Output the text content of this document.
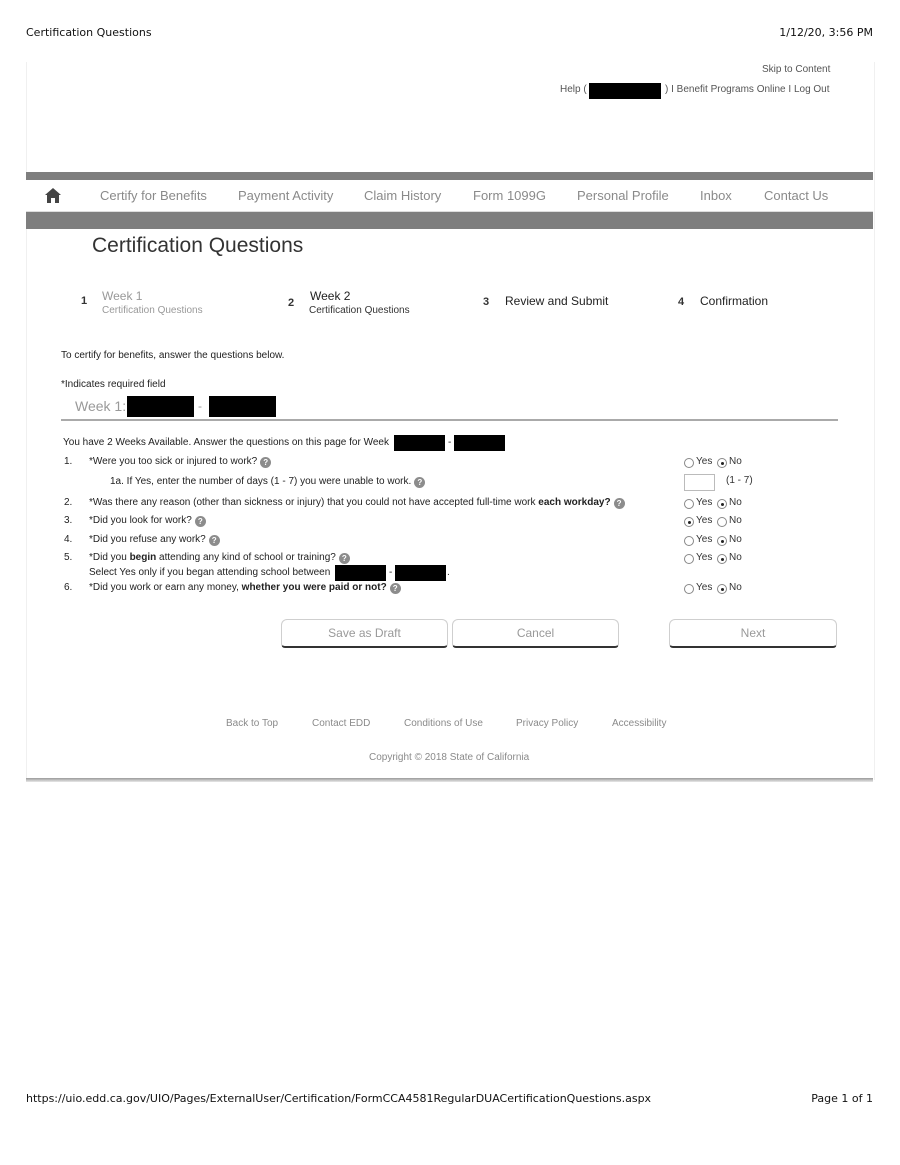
Certification Questions	1/12/20, 3:56 PM
Skip to Content
Help (	) I Benefit Programs Online I Log Out
Certify for Benefits Payment Activity Claim History Form 1099G Personal Profile Inbox Contact Us
Certification Questions
1 Week 1
Certification Questions
2 Week 2
Certification Questions
3 Review and Submit	4 Confirmation
To certify for benefits, answer the questions below.
*Indicates required field
Week 1:	-
You have 2 Weeks Available. Answer the questions on this page for Week	-
1. *Were you too sick or injured to work? ?	Yes No
1a. If Yes, enter the number of days (1 - 7) you were unable to work. ?	(1 - 7)
2. *Was there any reason (other than sickness or injury) that you could not have accepted full-time work each workday? ?	Yes No
3. *Did you look for work? ?	Yes No
4. *Did you refuse any work? ?	Yes No
5. *Did you begin attending any kind of school or training? ?
Select Yes only if you began attending school between	-	.
Yes No
6. *Did you work or earn any money, whether you were paid or not? ?	Yes No
Save as Draft	Cancel	Next
Back to Top	Contact EDD	Conditions of Use	Privacy Policy	Accessibility
Copyright © 2018 State of California
https://uio.edd.ca.gov/UIO/Pages/ExternalUser/Certification/FormCCA4581RegularDUACertificationQuestions.aspx	Page 1 of 1
